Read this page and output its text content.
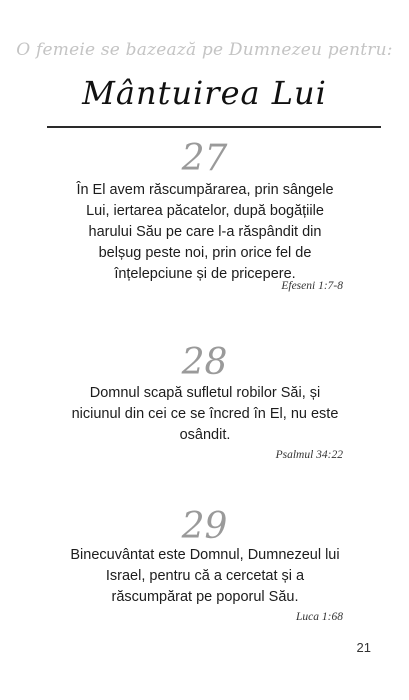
O femeie se bazează pe Dumnezeu pentru:
Mântuirea Lui
27
În El avem răscumpărarea, prin sângele Lui, iertarea păcatelor, după bogățiile harului Său pe care l-a răspândit din belșug peste noi, prin orice fel de înțelepciune și de pricepere.
Efeseni 1:7-8
28
Domnul scapă sufletul robilor Săi, și niciunul din cei ce se încred în El, nu este osândit.
Psalmul 34:22
29
Binecuvântat este Domnul, Dumnezeul lui Israel, pentru că a cercetat și a răscumpărat pe poporul Său.
Luca 1:68
21
